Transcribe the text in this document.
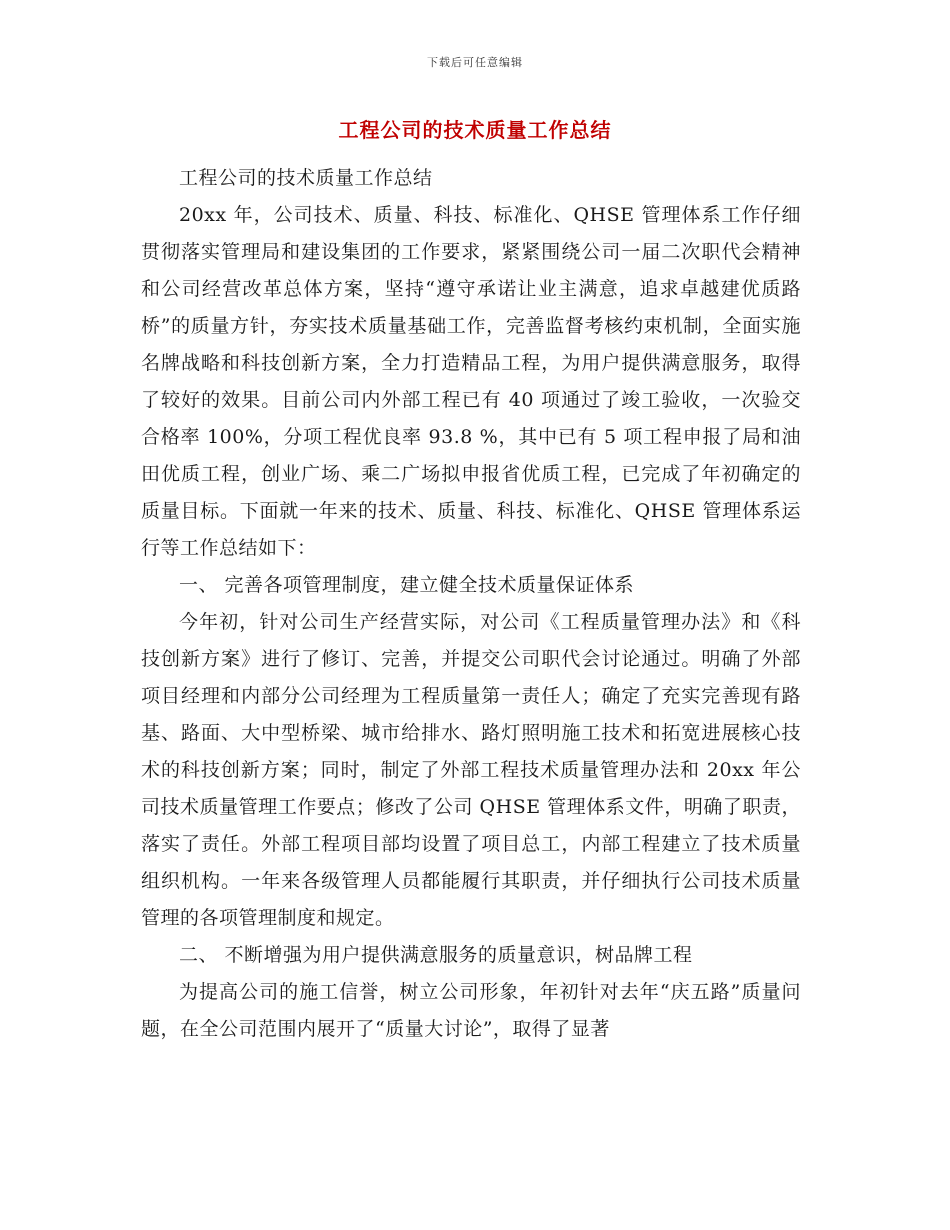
下载后可任意编辑
工程公司的技术质量工作总结

工程公司的技术质量工作总结

20xx 年，公司技术、质量、科技、标准化、QHSE 管理体系工作仔细贯彻落实管理局和建设集团的工作要求，紧紧围绕公司一届二次职代会精神和公司经营改革总体方案，坚持“遵守承诺让业主满意，追求卓越建优质路桥”的质量方针，夯实技术质量基础工作，完善监督考核约束机制，全面实施名牌战略和科技创新方案，全力打造精品工程，为用户提供满意服务，取得了较好的效果。目前公司内外部工程已有 40 项通过了竣工验收，一次验交合格率 100%，分项工程优良率 93.8 %，其中已有 5 项工程申报了局和油田优质工程，创业广场、乘二广场拟申报省优质工程，已完成了年初确定的质量目标。下面就一年来的技术、质量、科技、标准化、QHSE 管理体系运行等工作总结如下：

一、 完善各项管理制度，建立健全技术质量保证体系

今年初，针对公司生产经营实际，对公司《工程质量管理办法》和《科技创新方案》进行了修订、完善，并提交公司职代会讨论通过。明确了外部项目经理和内部分公司经理为工程质量第一责任人；确定了充实完善现有路基、路面、大中型桥梁、城市给排水、路灯照明施工技术和拓宽进展核心技术的科技创新方案；同时，制定了外部工程技术质量管理办法和 20xx 年公司技术质量管理工作要点；修改了公司 QHSE 管理体系文件，明确了职责，落实了责任。外部工程项目部均设置了项目总工，内部工程建立了技术质量组织机构。一年来各级管理人员都能履行其职责，并仔细执行公司技术质量管理的各项管理制度和规定。

二、 不断增强为用户提供满意服务的质量意识，树品牌工程

为提高公司的施工信誉，树立公司形象，年初针对去年“庆五路”质量问题，在全公司范围内展开了“质量大讨论”，取得了显著
